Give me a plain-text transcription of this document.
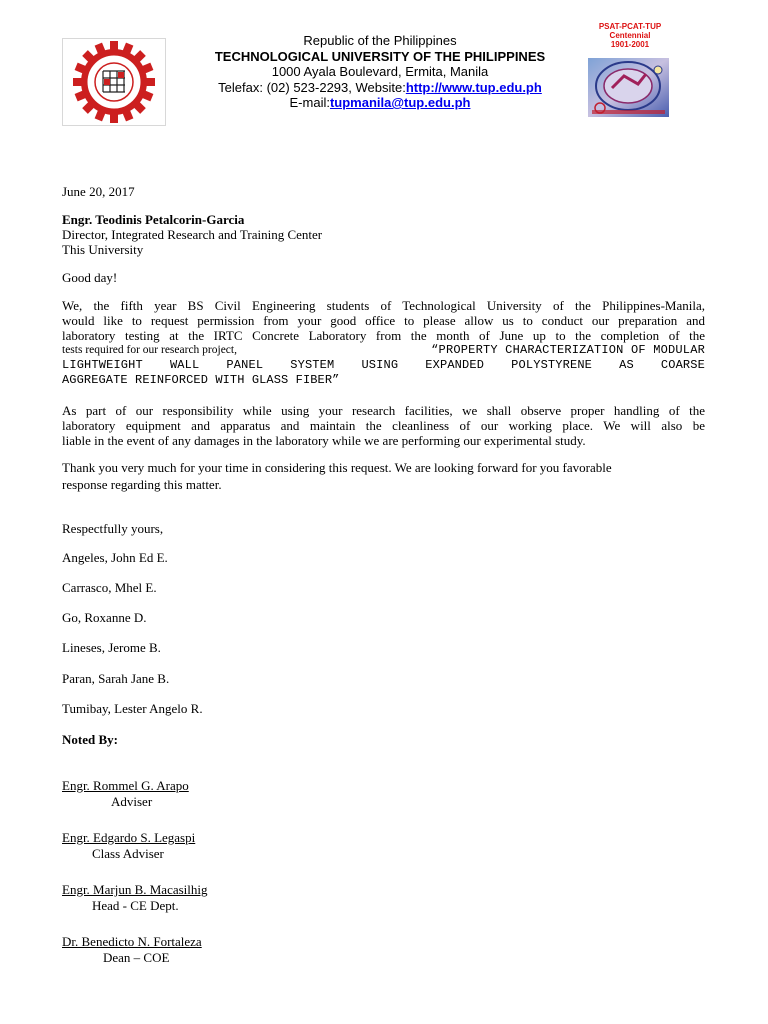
Republic of the Philippines
TECHNOLOGICAL UNIVERSITY OF THE PHILIPPINES
1000 Ayala Boulevard, Ermita, Manila
Telefax: (02) 523-2293, Website:http://www.tup.edu.ph
E-mail:tupmanila@tup.edu.ph
PSAT-PCAT-TUP
Centennial
1901-2001
June 20, 2017
Engr. Teodinis Petalcorin-Garcia
Director, Integrated Research and Training Center
This University
Good day!
We, the fifth year BS Civil Engineering students of Technological University of the Philippines-Manila,
would like to request permission from your good office to please allow us to conduct our preparation and
laboratory testing at the IRTC Concrete Laboratory from the month of June up to the completion of the
tests required for our research project,	“PROPERTY CHARACTERIZATION OF MODULAR
LIGHTWEIGHT WALL PANEL SYSTEM USING EXPANDED POLYSTYRENE AS COARSE
AGGREGATE REINFORCED WITH GLASS FIBER”
As part of our responsibility while using your research facilities, we shall observe proper handling of the
laboratory equipment and apparatus and maintain the cleanliness of our working place. We will also be
liable in the event of any damages in the laboratory while we are performing our experimental study.
Thank you very much for your time in considering this request. We are looking forward for you favorable
response regarding this matter.
Respectfully yours,
Angeles, John Ed E.
Carrasco, Mhel E.
Go, Roxanne D.
Lineses, Jerome B.
Paran, Sarah Jane B.
Tumibay, Lester Angelo R.
Noted By:
Engr. Rommel G. Arapo
Adviser
Engr. Edgardo S. Legaspi
Class Adviser
Engr. Marjun B. Macasilhig
Head - CE Dept.
Dr. Benedicto N. Fortaleza
Dean – COE
